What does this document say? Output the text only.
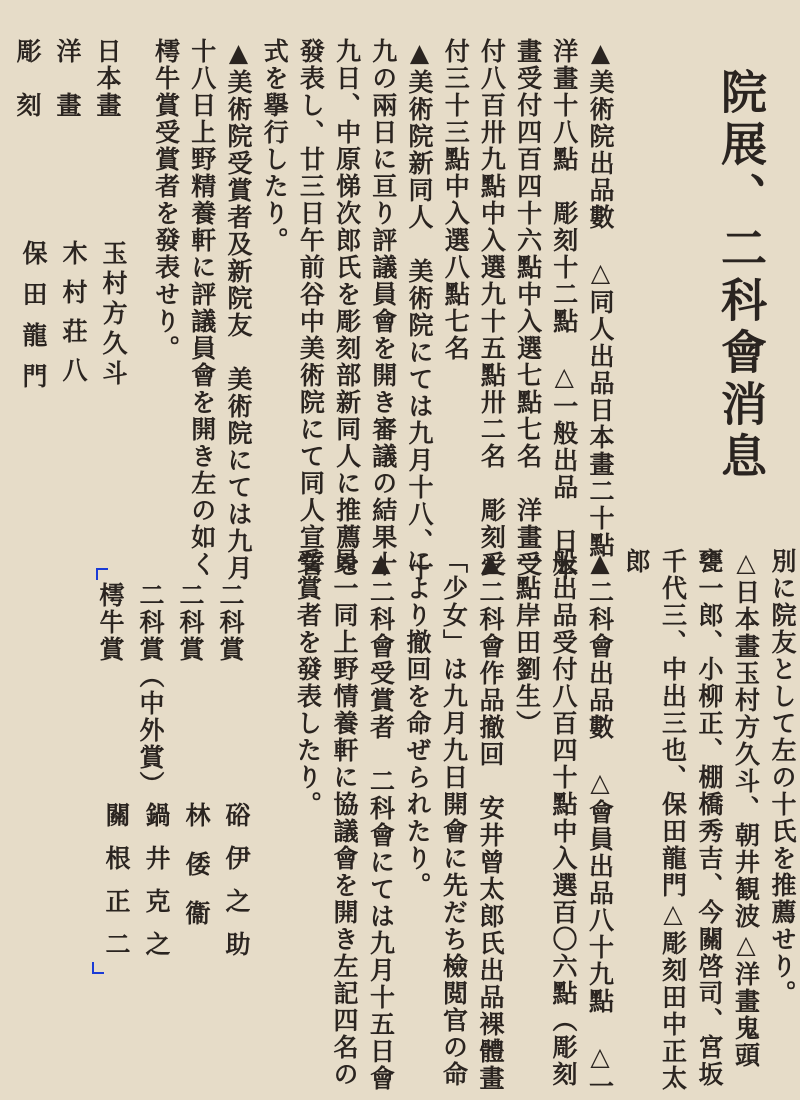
院展、二科會消息
▲美術院出品數　△同人出品日本畫二十點
洋畫十八點　彫刻十二點　△一般出品　日本
畫受付四百四十六點中入選七點七名　洋畫受
付八百卅九點中入選九十五點卅二名　彫刻受
付三十三點中入選八點七名
▲美術院新同人　美術院にては九月十八、十
九の兩日に亘り評議員會を開き審議の結果十
九日、中原悌次郎氏を彫刻部新同人に推薦を
發表し、廿三日午前谷中美術院にて同人宣誓
式を擧行したり。
▲美術院受賞者及新院友　美術院にては九月
十八日上野精養軒に評議員會を開き左の如く
樗牛賞受賞者を發表せり。
日本畫
玉村方久斗
洋　畫
木村荘八
彫　刻
保田龍門
別に院友として左の十氏を推薦せり。
△日本畫玉村方久斗、朝井観波△洋畫鬼頭
甕一郎、小柳正、棚橋秀吉、今關啓司、宮坂
千代三、中出三也、保田龍門△彫刻田中正太
郎
▲二科會出品數　△會員出品八十九點　△一
般出品受付八百四十點中入選百〇六點（彫刻
一點岸田劉生）
▲二科會作品撤回　安井曾太郎氏出品裸體畫
「少女」は九月九日開會に先だち檢閲官の命
により撤回を命ぜられたり。
▲二科會受賞者　二科會にては九月十五日會
員一同上野情養軒に協議會を開き左記四名の
受賞者を發表したり。
二科賞
硲伊之助
二科賞
林倭衞
二科賞（中外賞）
鍋井克之
樗牛賞
關根正二
